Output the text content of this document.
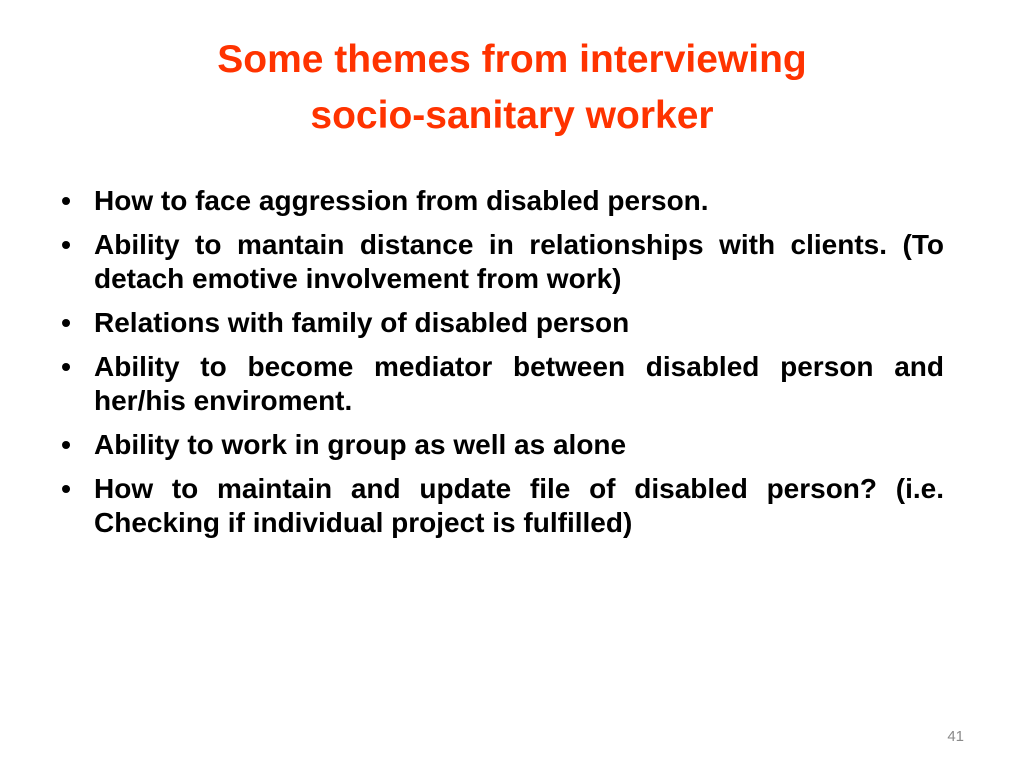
Some themes from interviewing
socio-sanitary worker
• How to face aggression from disabled person.
• Ability to mantain distance in relationships with clients. (To detach emotive involvement from work)
• Relations with family of disabled person
• Ability to become mediator between disabled person and her/his enviroment.
• Ability to work in group as well as alone
• How to maintain and update file of disabled person? (i.e. Checking if individual project is fulfilled)
41
